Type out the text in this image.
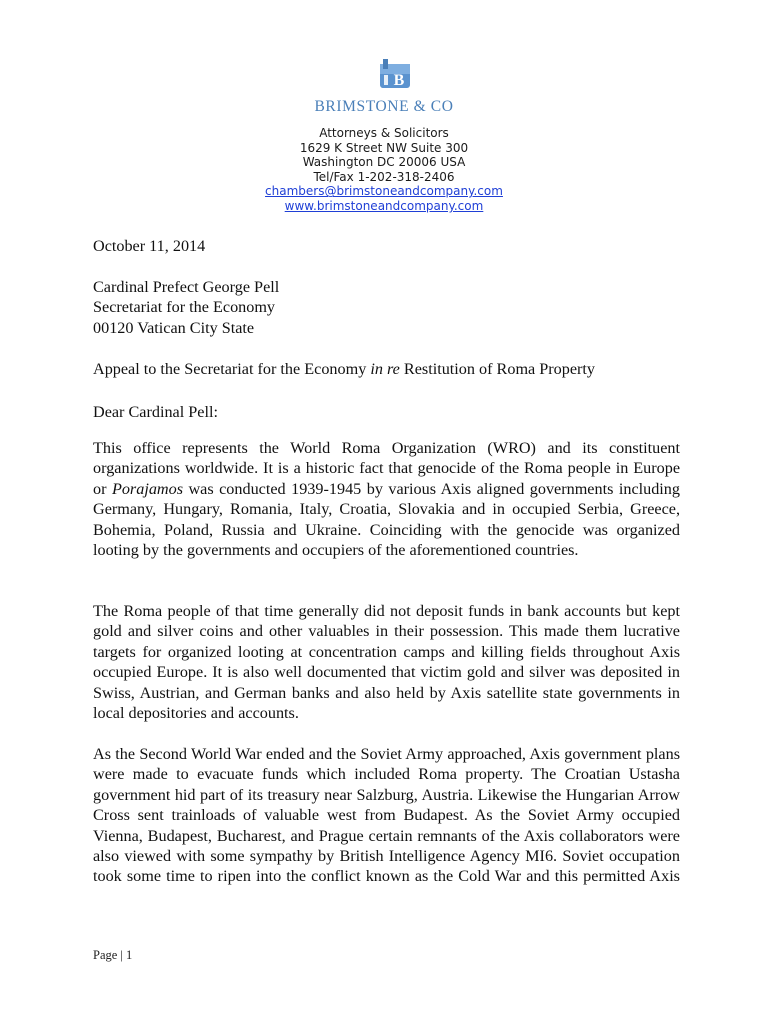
B
BRIMSTONE & CO
Attorneys & Solicitors
1629 K Street NW Suite 300
Washington DC 20006 USA
Tel/Fax 1-202-318-2406
chambers@brimstoneandcompany.com
www.brimstoneandcompany.com
October 11, 2014
Cardinal Prefect George Pell
Secretariat for the Economy
00120 Vatican City State
Appeal to the Secretariat for the Economy in re Restitution of Roma Property
Dear Cardinal Pell:
This office represents the World Roma Organization (WRO) and its constituent organizations worldwide. It is a historic fact that genocide of the Roma people in Europe or Porajamos was conducted 1939-1945 by various Axis aligned governments including Germany, Hungary, Romania, Italy, Croatia, Slovakia and in occupied Serbia, Greece, Bohemia, Poland, Russia and Ukraine. Coinciding with the genocide was organized looting by the governments and occupiers of the aforementioned countries.
The Roma people of that time generally did not deposit funds in bank accounts but kept gold and silver coins and other valuables in their possession. This made them lucrative targets for organized looting at concentration camps and killing fields throughout Axis occupied Europe. It is also well documented that victim gold and silver was deposited in Swiss, Austrian, and German banks and also held by Axis satellite state governments in local depositories and accounts.
As the Second World War ended and the Soviet Army approached, Axis government plans were made to evacuate funds which included Roma property. The Croatian Ustasha government hid part of its treasury near Salzburg, Austria. Likewise the Hungarian Arrow Cross sent trainloads of valuable west from Budapest. As the Soviet Army occupied Vienna, Budapest, Bucharest, and Prague certain remnants of the Axis collaborators were also viewed with some sympathy by British Intelligence Agency MI6. Soviet occupation took some time to ripen into the conflict known as the Cold War and this permitted Axis
Page | 1
